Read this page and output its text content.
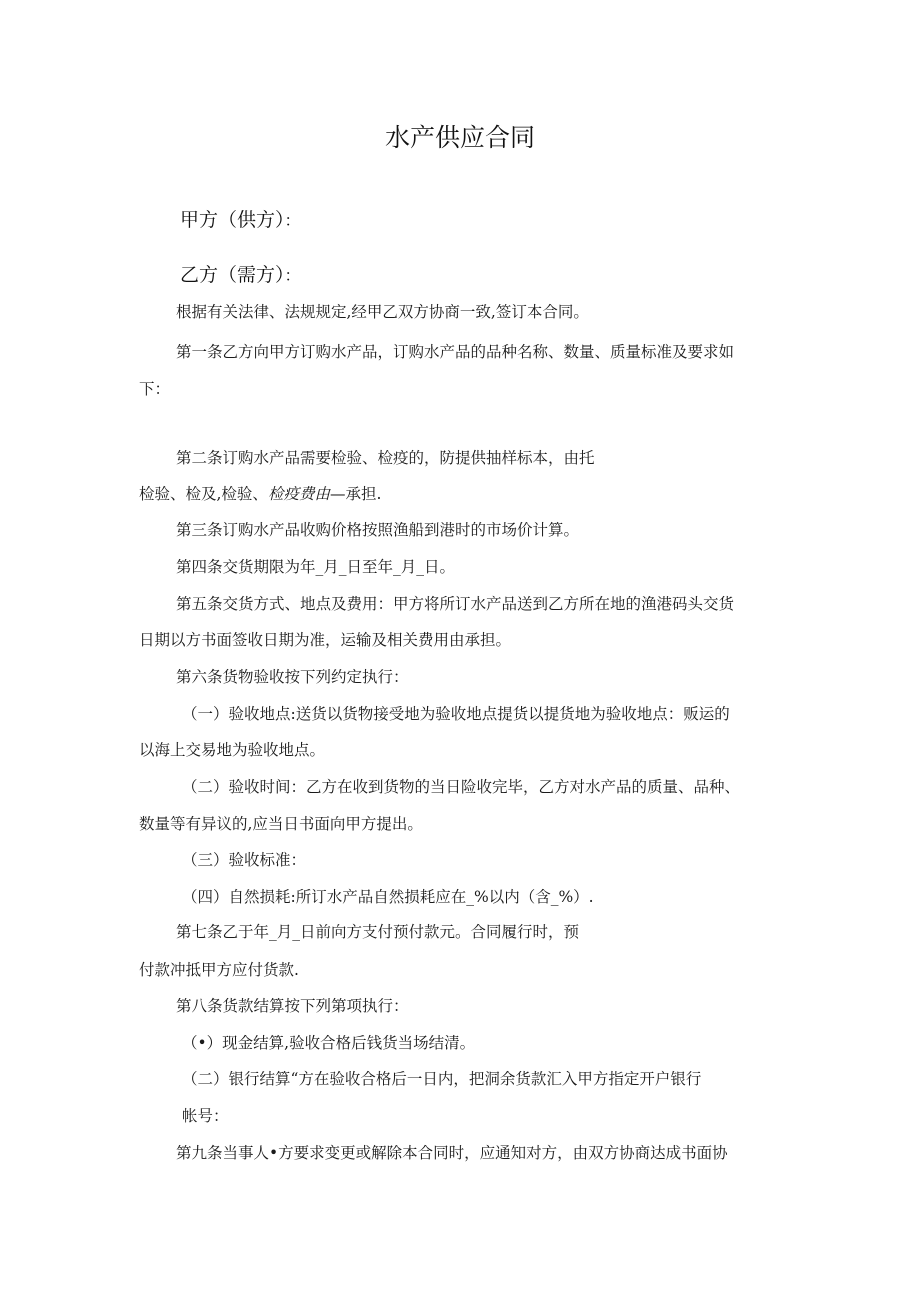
水产供应合同
甲方（供方）：
乙方（需方）：
根据有关法律、法规规定,经甲乙双方协商一致,签订本合同。
第一条乙方向甲方订购水产品，订购水产品的品种名称、数量、质量标准及要求如
下：
第二条订购水产品需要检验、检疫的，防提供抽样标本，由托
检验、检及,检验、检疫费由—承担.
第三条订购水产品收购价格按照渔船到港时的市场价计算。
第四条交货期限为年_月_日至年_月_日。
第五条交货方式、地点及费用：甲方将所订水产品送到乙方所在地的渔港码头交货
日期以方书面签收日期为准，运输及相关费用由承担。
第六条货物验收按下列约定执行：
（一）验收地点:送货以货物接受地为验收地点提货以提货地为验收地点：贩运的
以海上交易地为验收地点。
（二）验收时间：乙方在收到货物的当日险收完毕，乙方对水产品的质量、品种、
数量等有异议的,应当日书面向甲方提出。
（三）验收标准：
（四）自然损耗:所订水产品自然损耗应在_%以内（含_%）.
第七条乙于年_月_日前向方支付预付款元。合同履行时，预
付款冲抵甲方应付货款.
第八条货款结算按下列第项执行：
（•）现金结算,验收合格后钱货当场结清。
（二）银行结算“方在验收合格后一日内，把洞余货款汇入甲方指定开户银行
帐号：
第九条当事人•方要求变更或解除本合同时，应通知对方，由双方协商达成书面协
